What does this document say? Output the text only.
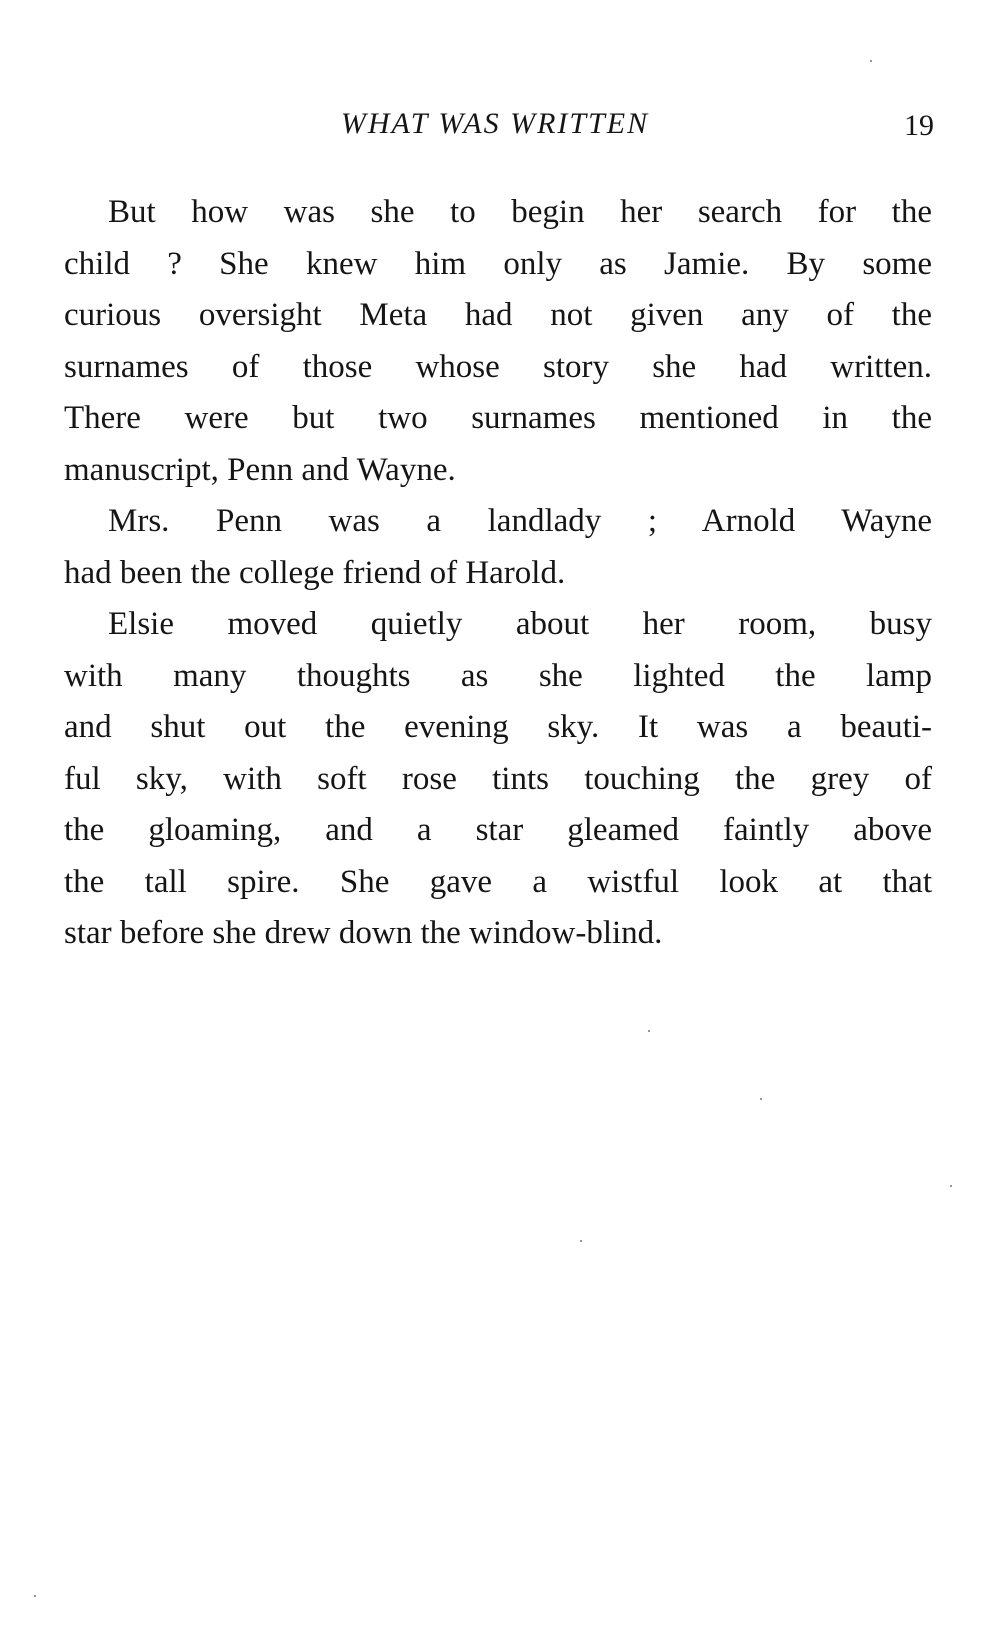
WHAT WAS WRITTEN	19

But how was she to begin her search for the
child ? She knew him only as Jamie. By some
curious oversight Meta had not given any of the
surnames of those whose story she had written.
There were but two surnames mentioned in the
manuscript, Penn and Wayne.

Mrs. Penn was a landlady ; Arnold Wayne
had been the college friend of Harold.

Elsie moved quietly about her room, busy
with many thoughts as she lighted the lamp
and shut out the evening sky. It was a beauti-
ful sky, with soft rose tints touching the grey of
the gloaming, and a star gleamed faintly above
the tall spire. She gave a wistful look at that
star before she drew down the window-blind.
